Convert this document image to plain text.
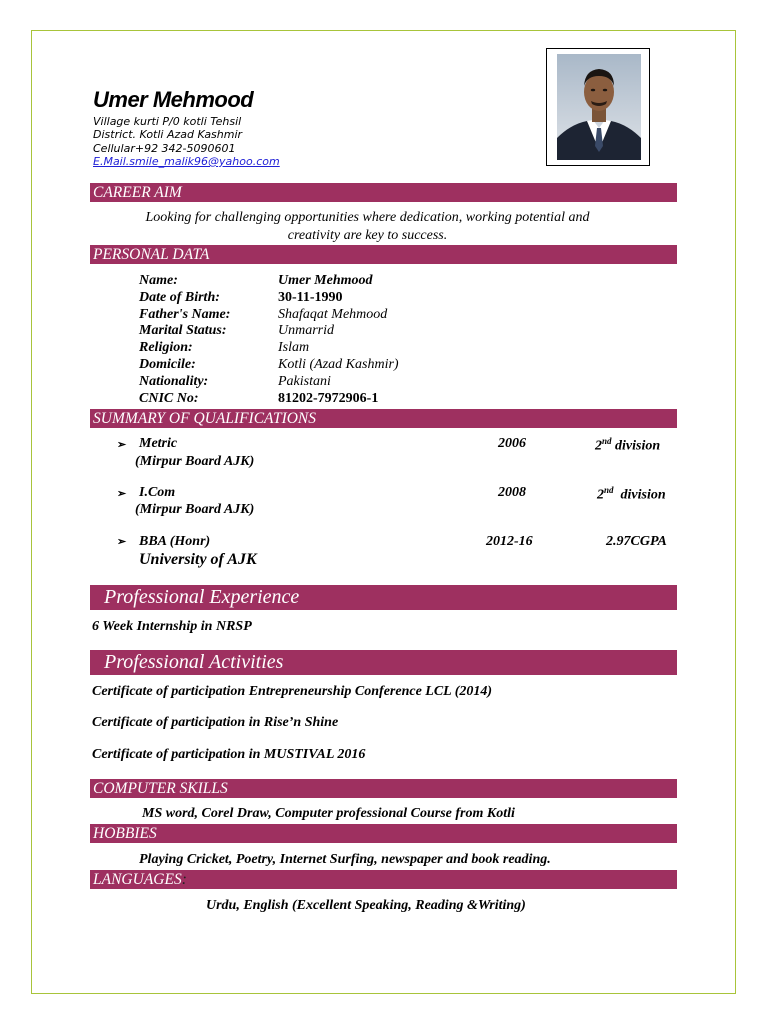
Umer Mehmood
Village kurti P/0 kotli Tehsil
District. Kotli Azad Kashmir
Cellular+92 342-5090601
E.Mail.smile_malik96@yahoo.com
CAREER AIM
Looking for challenging opportunities where dedication, working potential and
creativity are key to success.
PERSONAL DATA
Name:	Umer Mehmood
Date of Birth:	30-11-1990
Father's Name:	Shafaqat Mehmood
Marital Status:	Unmarrid
Religion:	Islam
Domicile:	Kotli (Azad Kashmir)
Nationality:	Pakistani
CNIC No:	81202-7972906-1
SUMMARY OF QUALIFICATIONS
➢ Metric	2006	2nd division
(Mirpur Board AJK)
➢ I.Com	2008	2nd  division
(Mirpur Board AJK)
➢ BBA (Honr)	2012-16	2.97CGPA
University of AJK
Professional Experience
6 Week Internship in NRSP
Professional Activities
Certificate of participation Entrepreneurship Conference LCL (2014)
Certificate of participation in Rise’n Shine
Certificate of participation in MUSTIVAL 2016
COMPUTER SKILLS
MS word, Corel Draw, Computer professional Course from Kotli
HOBBIES
Playing Cricket, Poetry, Internet Surfing, newspaper and book reading.
LANGUAGES:
Urdu, English (Excellent Speaking, Reading &Writing)
